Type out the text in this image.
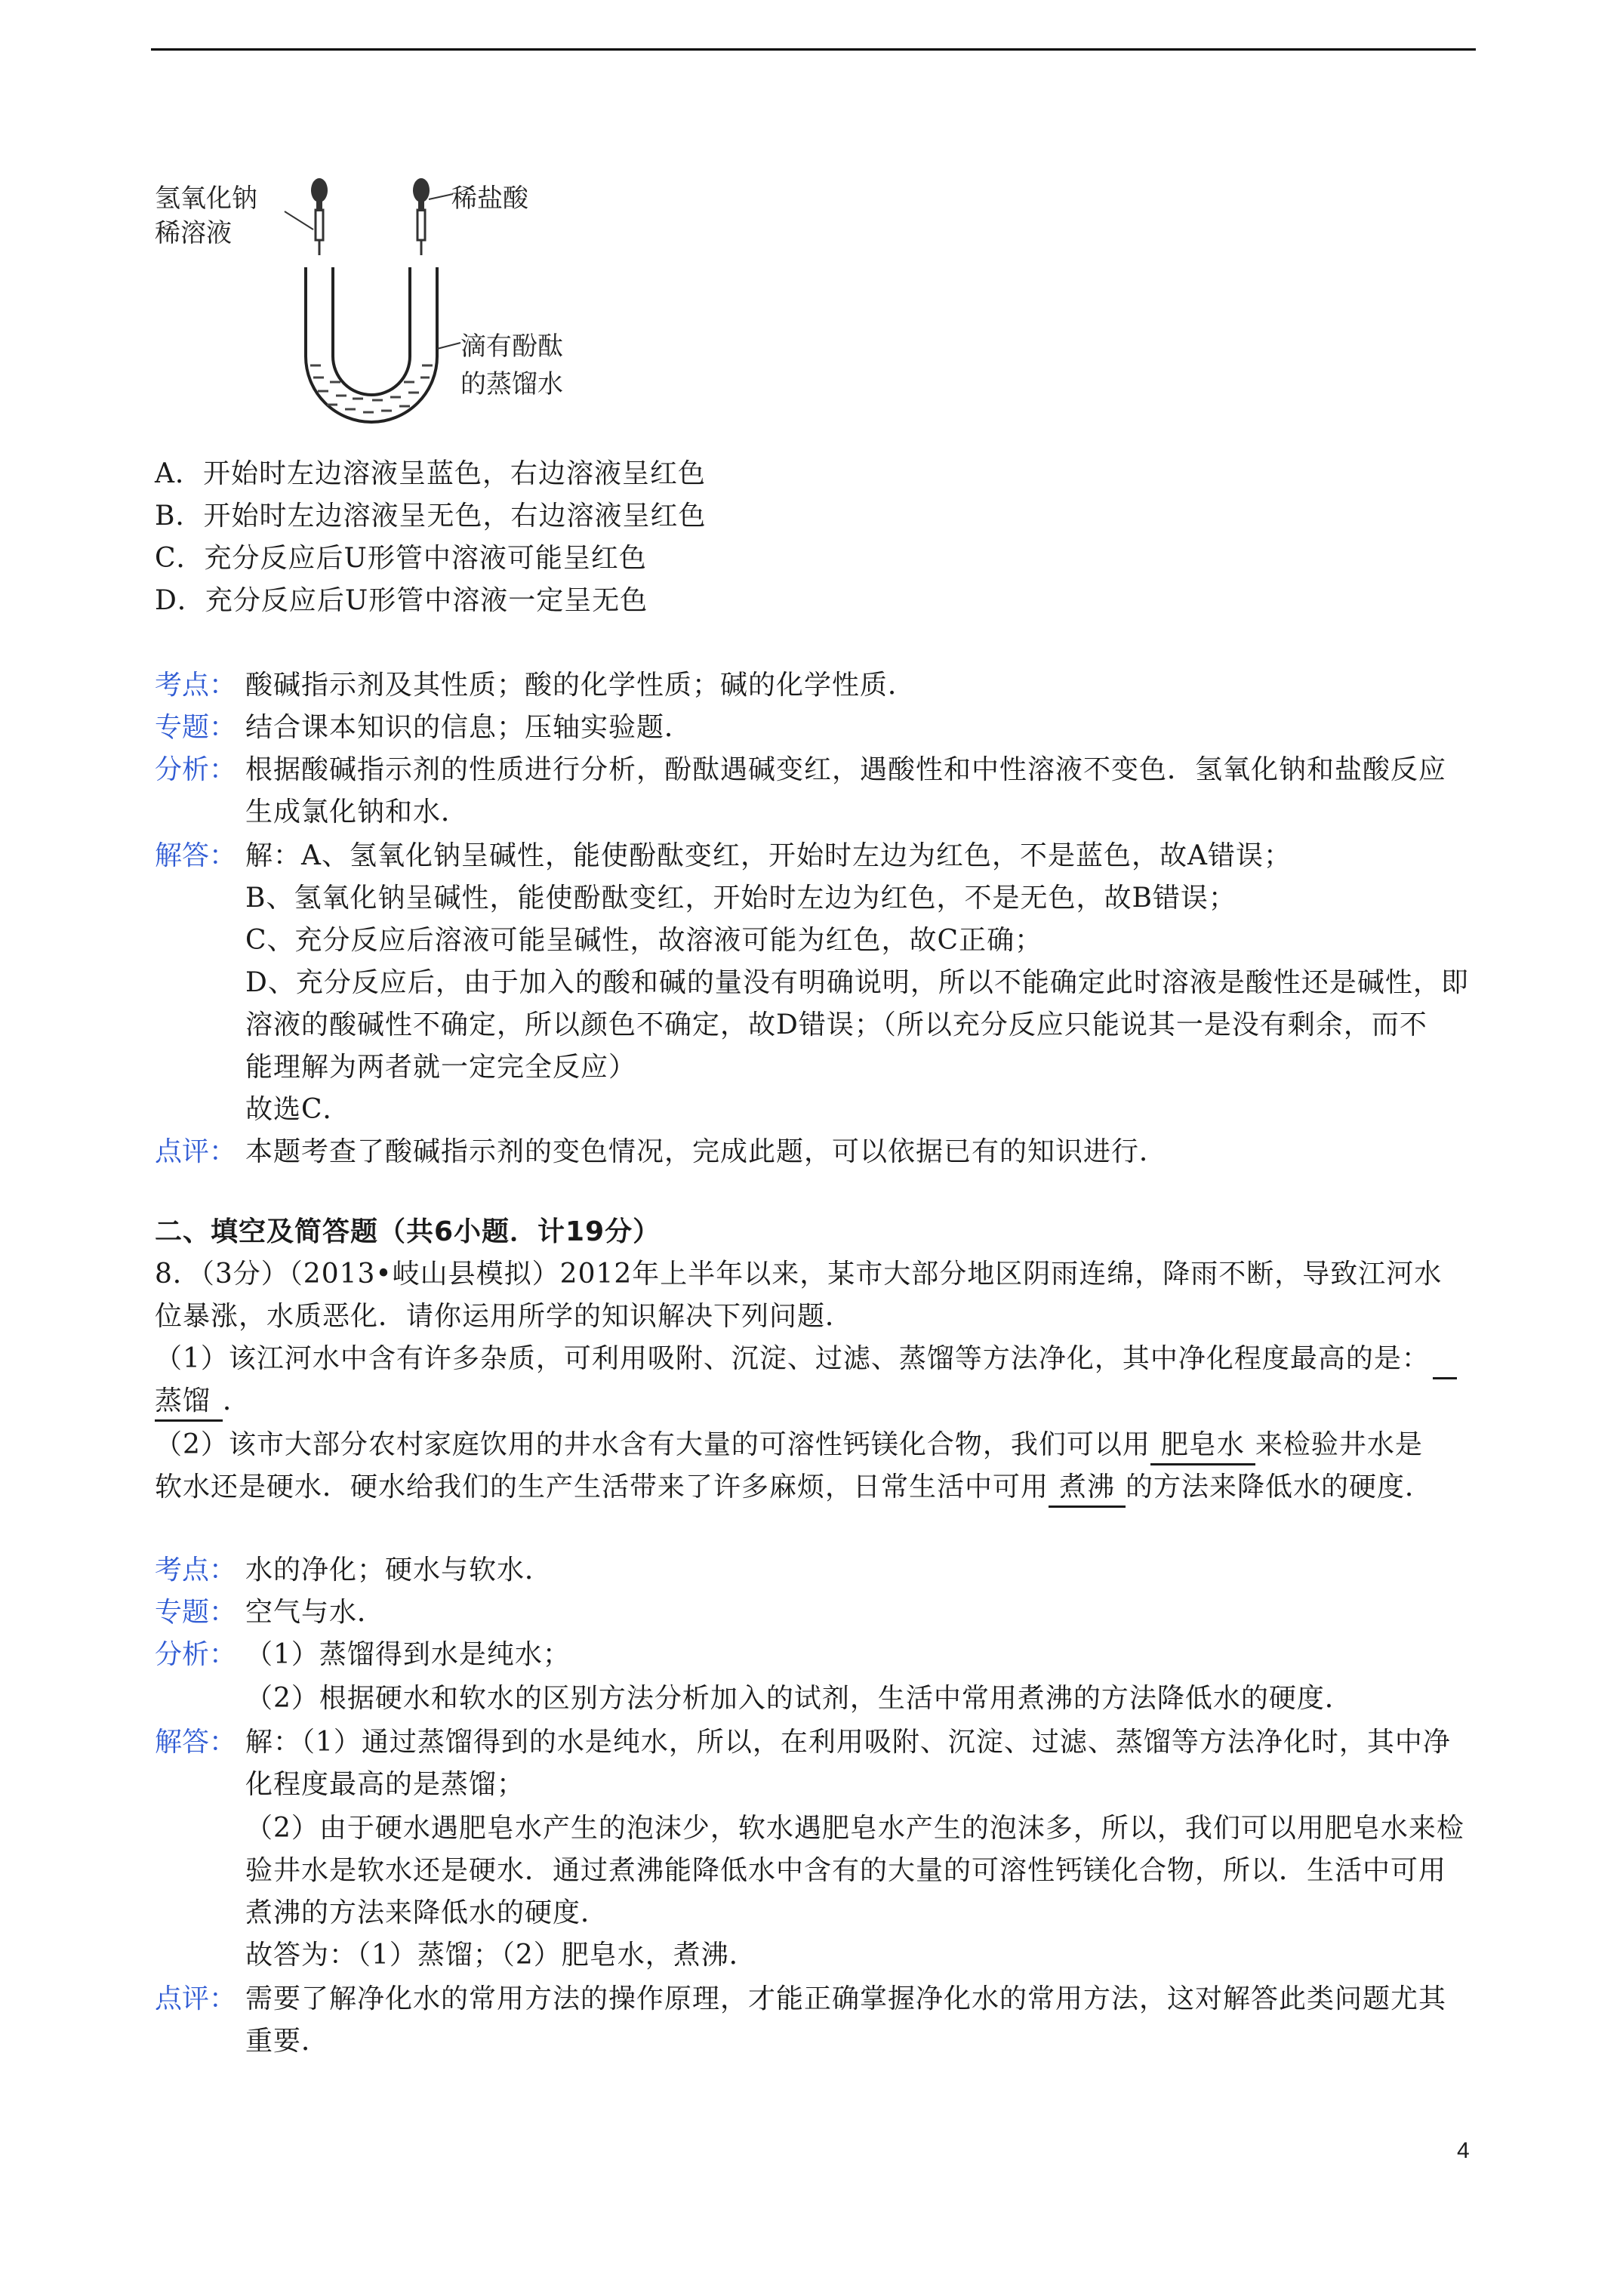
氢氧化钠
稀溶液
稀盐酸
滴有酚酞
的蒸馏水
A．开始时左边溶液呈蓝色，右边溶液呈红色
B．开始时左边溶液呈无色，右边溶液呈红色
C．充分反应后U形管中溶液可能呈红色
D．充分反应后U形管中溶液一定呈无色
考点： 酸碱指示剂及其性质；酸的化学性质；碱的化学性质．
专题： 结合课本知识的信息；压轴实验题．
分析： 根据酸碱指示剂的性质进行分析，酚酞遇碱变红，遇酸性和中性溶液不变色．氢氧化钠和盐酸反应
生成氯化钠和水．
解答： 解：A、氢氧化钠呈碱性，能使酚酞变红，开始时左边为红色，不是蓝色，故A错误；
B、氢氧化钠呈碱性，能使酚酞变红，开始时左边为红色，不是无色，故B错误；
C、充分反应后溶液可能呈碱性，故溶液可能为红色，故C正确；
D、充分反应后，由于加入的酸和碱的量没有明确说明，所以不能确定此时溶液是酸性还是碱性，即
溶液的酸碱性不确定，所以颜色不确定，故D错误；（所以充分反应只能说其一是没有剩余，而不
能理解为两者就一定完全反应）
故选C．
点评： 本题考查了酸碱指示剂的变色情况，完成此题，可以依据已有的知识进行．
二、填空及简答题（共6小题．计19分）
8．（3分）（2013•岐山县模拟）2012年上半年以来，某市大部分地区阴雨连绵，降雨不断，导致江河水
位暴涨，水质恶化．请你运用所学的知识解决下列问题．
（1）该江河水中含有许多杂质，可利用吸附、沉淀、过滤、蒸馏等方法净化，其中净化程度最高的是：
蒸馏 ．
（2）该市大部分农村家庭饮用的井水含有大量的可溶性钙镁化合物，我们可以用 肥皂水 来检验井水是
软水还是硬水．硬水给我们的生产生活带来了许多麻烦，日常生活中可用 煮沸 的方法来降低水的硬度．
考点： 水的净化；硬水与软水．
专题： 空气与水．
分析： （1）蒸馏得到水是纯水；
（2）根据硬水和软水的区别方法分析加入的试剂，生活中常用煮沸的方法降低水的硬度．
解答： 解：（1）通过蒸馏得到的水是纯水，所以，在利用吸附、沉淀、过滤、蒸馏等方法净化时，其中净
化程度最高的是蒸馏；
（2）由于硬水遇肥皂水产生的泡沫少，软水遇肥皂水产生的泡沫多，所以，我们可以用肥皂水来检
验井水是软水还是硬水．通过煮沸能降低水中含有的大量的可溶性钙镁化合物，所以．生活中可用
煮沸的方法来降低水的硬度．
故答为：（1）蒸馏；（2）肥皂水，煮沸．
点评： 需要了解净化水的常用方法的操作原理，才能正确掌握净化水的常用方法，这对解答此类问题尤其
重要．
4
